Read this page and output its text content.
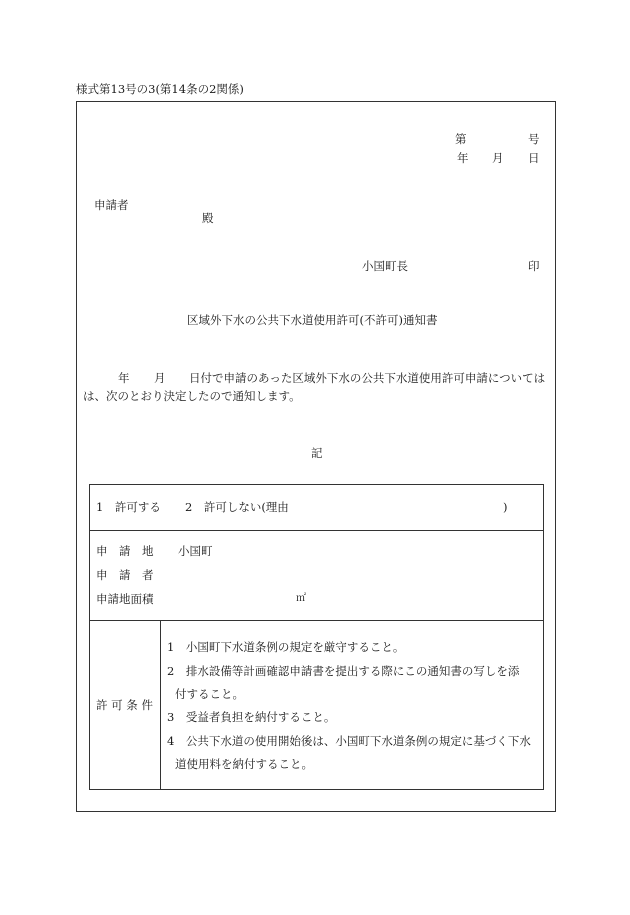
様式第13号の3(第14条の2関係)
第	号
年 月 日
申請者
殿
小国町長	印
区域外下水の公共下水道使用許可(不許可)通知書
年 月 日付で申請のあった区域外下水の公共下水道使用許可申請については
は、次のとおり決定したので通知します。
記
1　許可する 2　許可しない(理由	)
申　請　地 小国町
申　請　者
申請地面積	㎡
許 可 条 件
1　小国町下水道条例の規定を厳守すること。
2　排水設備等計画確認申請書を提出する際にこの通知書の写しを添
付すること。
3　受益者負担を納付すること。
4　公共下水道の使用開始後は、小国町下水道条例の規定に基づく下水
道使用料を納付すること。
